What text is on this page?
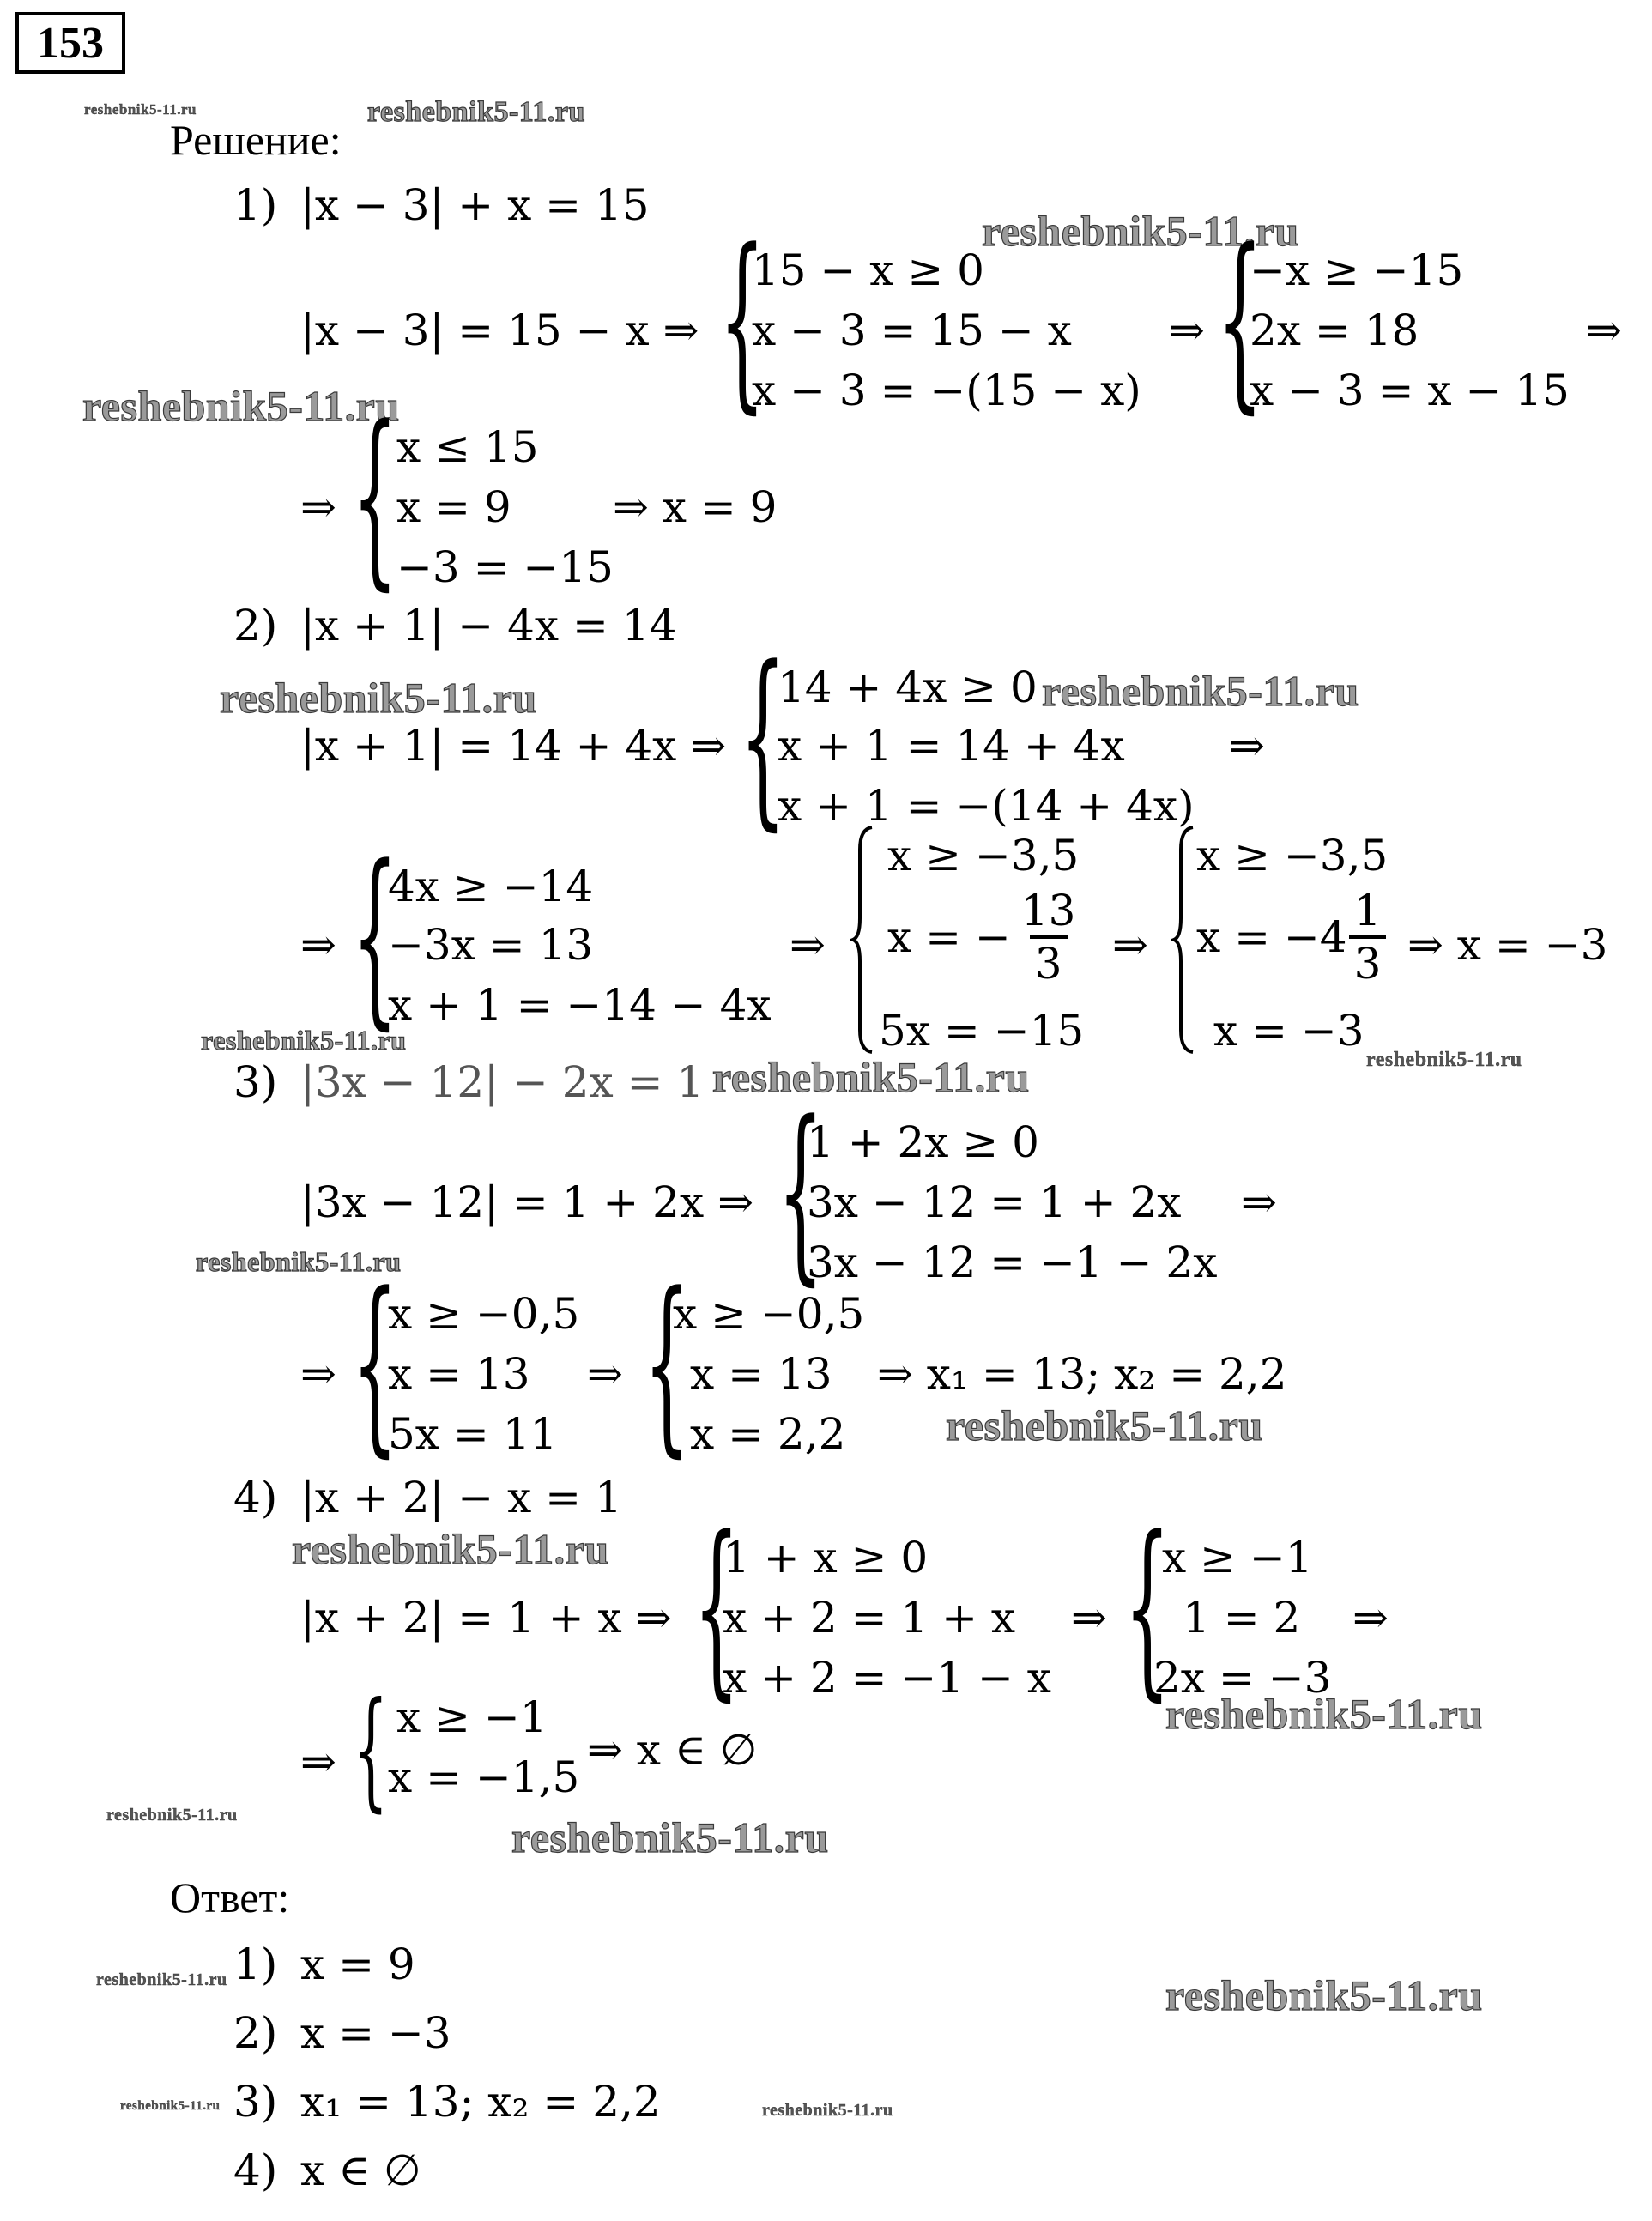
153
reshebnik5-11.ru	reshebnik5-11.ru
Решение:
1) |x − 3| + x = 15
reshebnik5-11.ru
|x − 3| = 15 − x ⇒ {
15 − x ≥ 0
x − 3 = 15 − x
x − 3 = −(15 − x)
⇒ {
−x ≥ −15
2x = 18
x − 3 = x − 15
⇒
reshebnik5-11.ru
⇒ {
x ≤ 15
x = 9
−3 = −15
⇒ x = 9
2) |x + 1| − 4x = 14
reshebnik5-11.ru	reshebnik5-11.ru
|x + 1| = 14 + 4x ⇒ {
14 + 4x ≥ 0
x + 1 = 14 + 4x
x + 1 = −(14 + 4x)
⇒
⇒ {
4x ≥ −14
−3x = 13
x + 1 = −14 − 4x
⇒
x ≥ −3,5
x = − $\frac{13}{3}$
5x = −15
⇒
x ≥ −3,5
$x = -4 \frac{1}{3}$
x = −3
⇒ x = −3
reshebnik5-11.ru
reshebnik5-11.ru
3) |3x − 12| − 2x = 1 reshebnik5-11.ru
|3x − 12| = 1 + 2x ⇒ {
1 + 2x ≥ 0
3x − 12 = 1 + 2x
3x − 12 = −1 − 2x
⇒
reshebnik5-11.ru
⇒ {
x ≥ −0,5
x = 13
5x = 11
⇒ {
x ≥ −0,5
x = 13
x = 2,2
⇒ x₁ = 13; x₂ = 2,2
reshebnik5-11.ru
4) |x + 2| − x = 1
reshebnik5-11.ru
|x + 2| = 1 + x ⇒ {
1 + x ≥ 0
x + 2 = 1 + x
x + 2 = −1 − x
⇒ {
x ≥ −1
1 = 2
2x = −3
⇒
⇒ { x ≥ −1
x = −1,5
⇒ x ∈ ∅
reshebnik5-11.ru
reshebnik5-11.ru	reshebnik5-11.ru
Ответ:
1) x = 9
reshebnik5-11.ru	reshebnik5-11.ru
2) x = −3
reshebnik5-11.ru 3) x₁ = 13; x₂ = 2,2	reshebnik5-11.ru
4) x ∈ ∅
